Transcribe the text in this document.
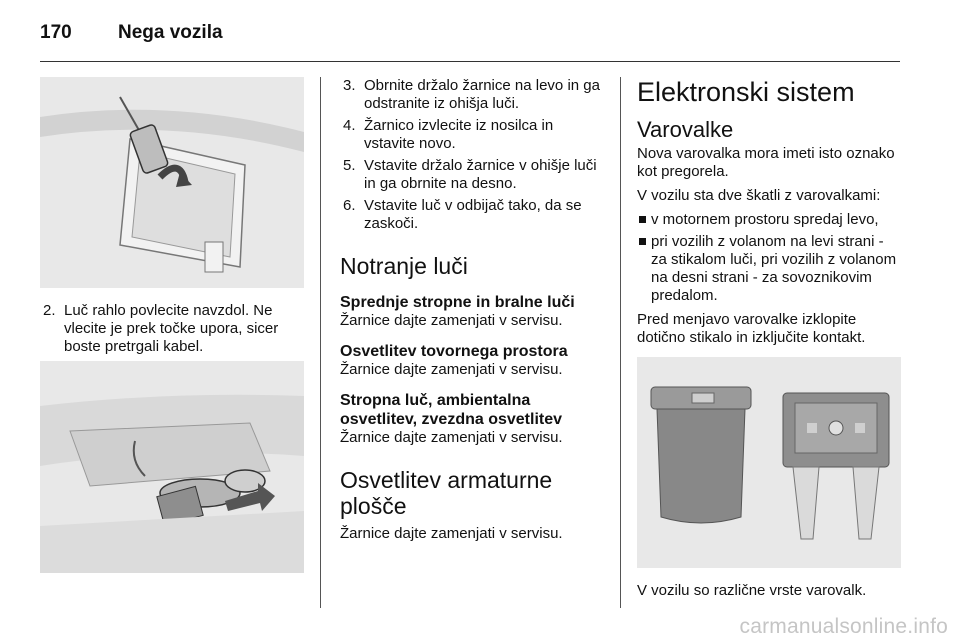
170 Nega vozila
2. Luč rahlo povlecite navzdol. Ne vlecite je prek točke upora, sicer boste pretrgali kabel.
3. Obrnite držalo žarnice na levo in ga odstranite iz ohišja luči.
4. Žarnico izvlecite iz nosilca in vstavite novo.
5. Vstavite držalo žarnice v ohišje luči in ga obrnite na desno.
6. Vstavite luč v odbijač tako, da se zaskoči.
Notranje luči
Sprednje stropne in bralne luči

Žarnice dajte zamenjati v servisu.

Osvetlitev tovornega prostora

Žarnice dajte zamenjati v servisu.

Stropna luč, ambientalna osvetlitev, zvezdna osvetlitev

Žarnice dajte zamenjati v servisu.

Osvetlitev armaturne plošče

Žarnice dajte zamenjati v servisu.

Elektronski sistem
Varovalke

Nova varovalka mora imeti isto oznako kot pregorela.

V vozilu sta dve škatli z varovalkami:

v motornem prostoru spredaj levo,
pri vozilih z volanom na levi strani - za stikalom luči, pri vozilih z volanom na desni strani - za sovoznikovim predalom.

Pred menjavo varovalke izklopite dotično stikalo in izključite kontakt.

V vozilu so različne vrste varovalk.

carmanualsonline.info
